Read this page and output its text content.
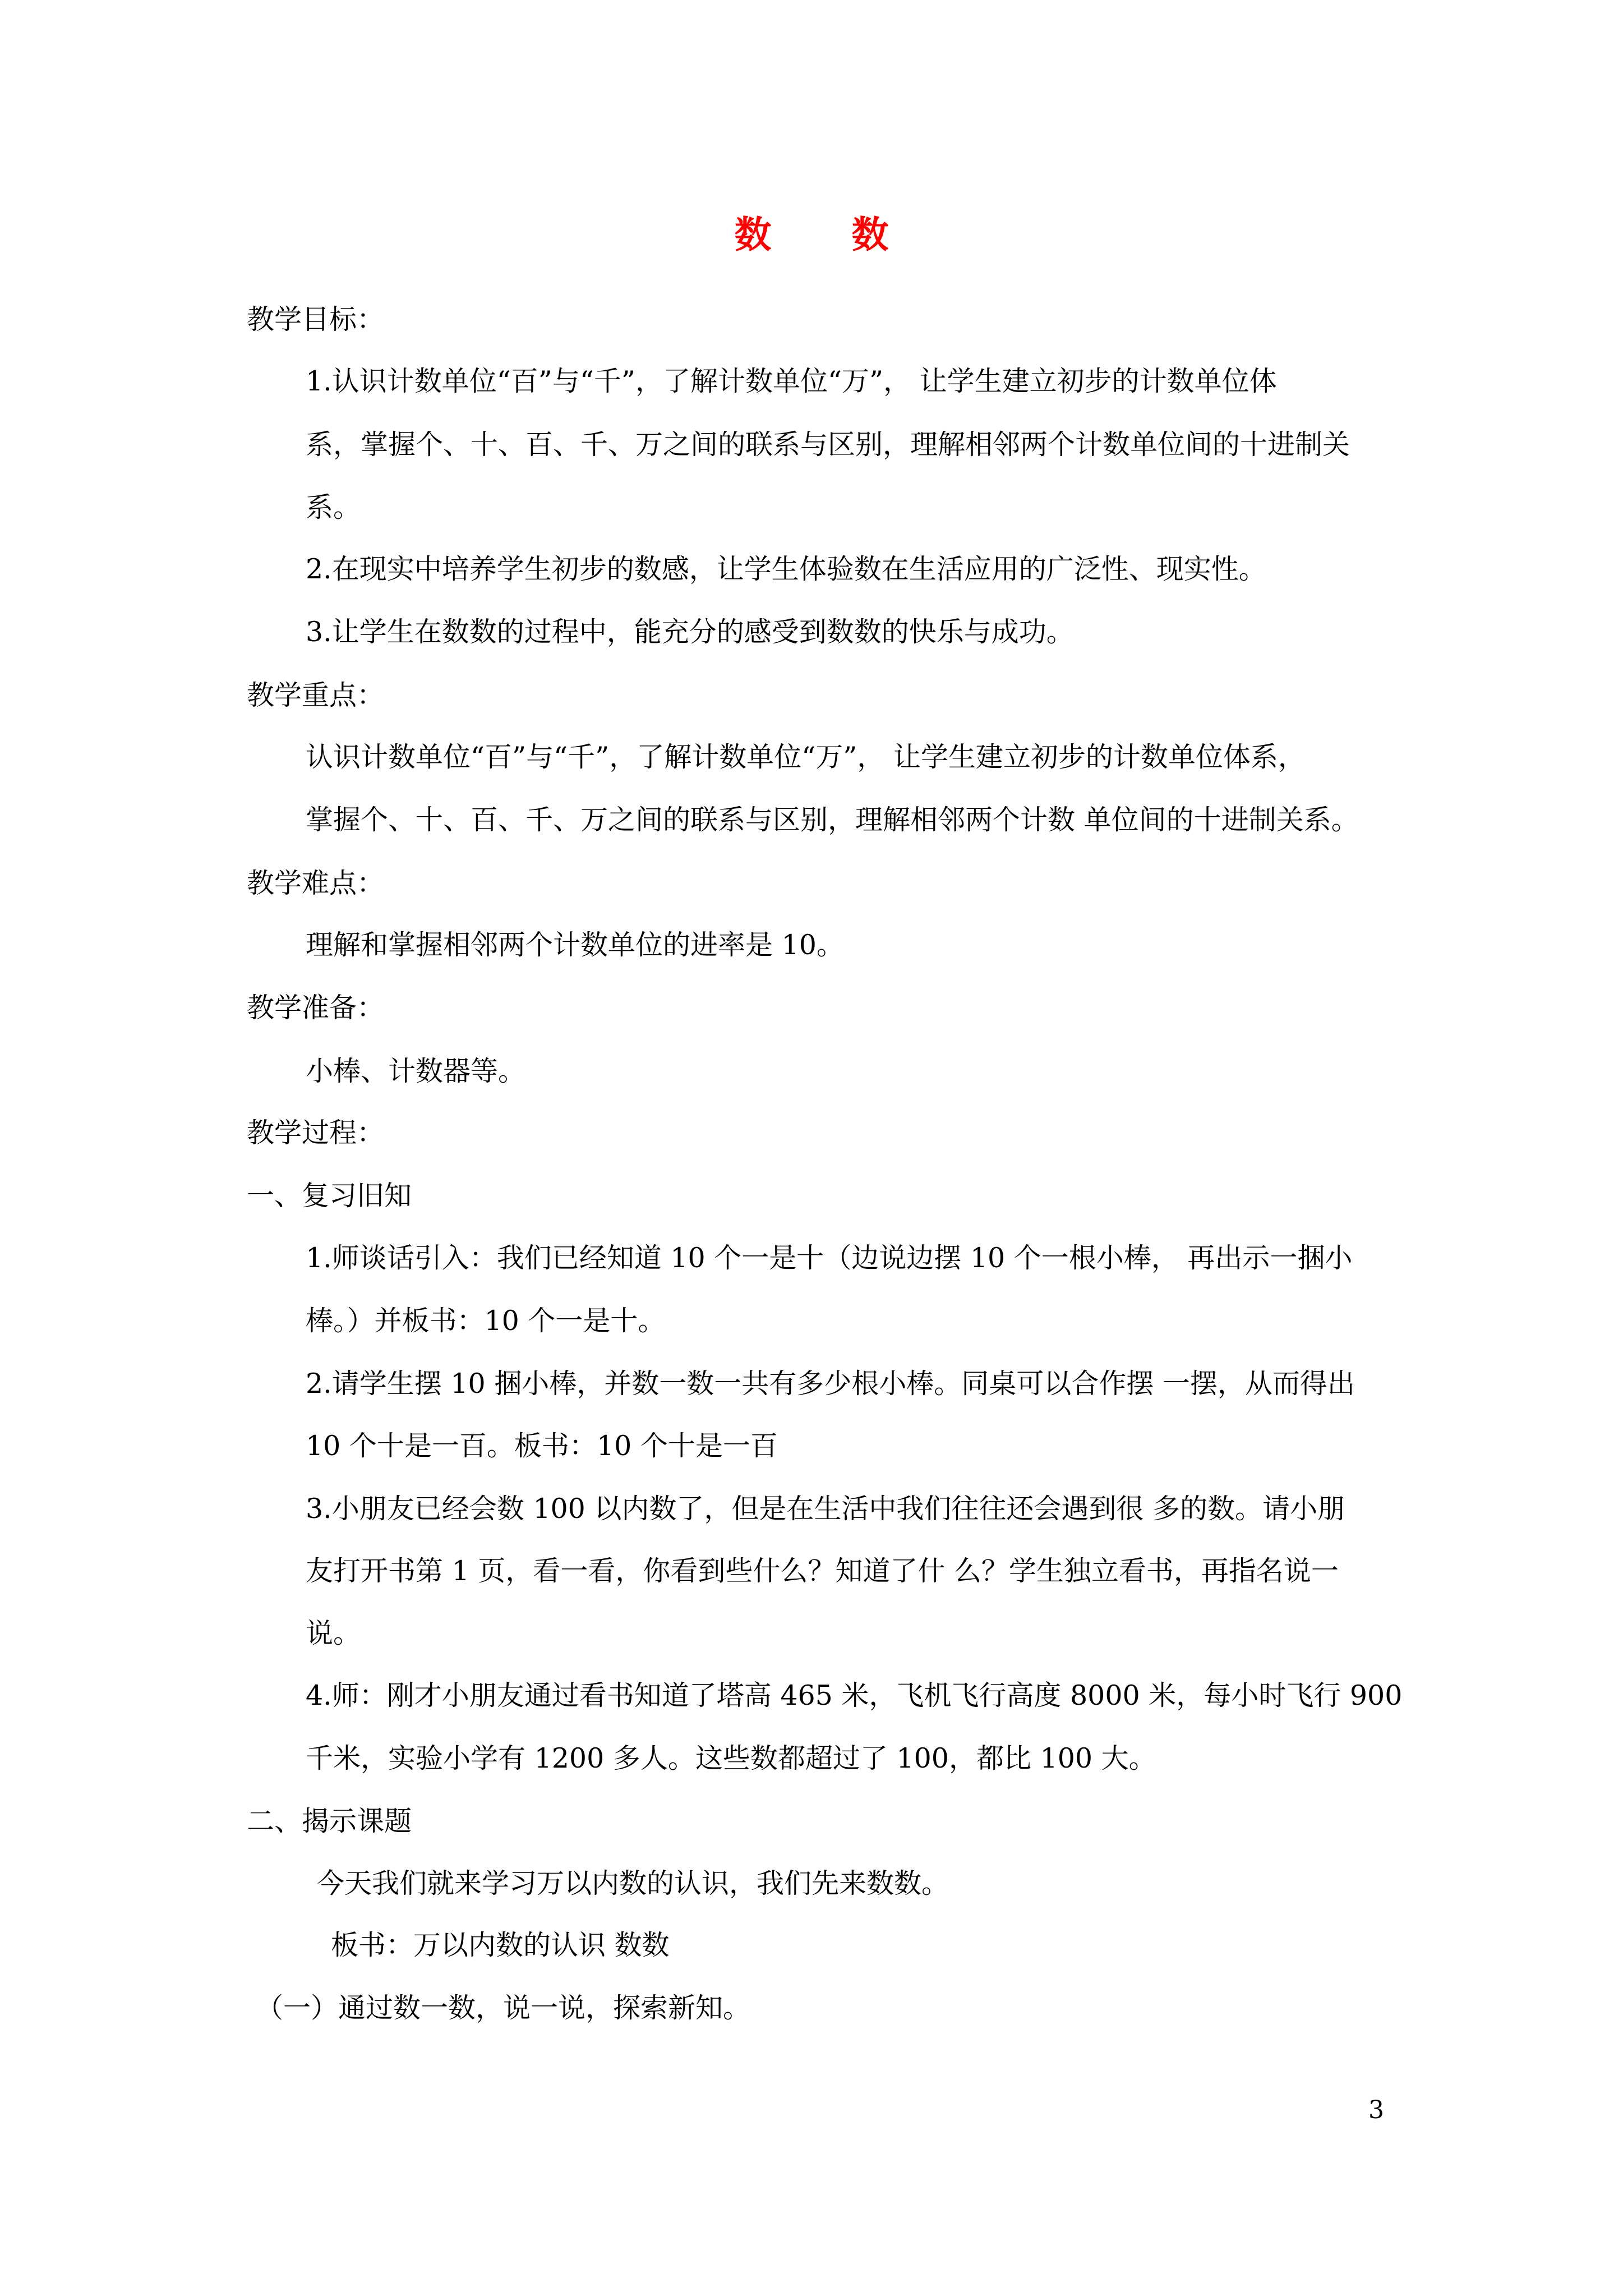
数 数
教学目标：
1.认识计数单位“百”与“千”，了解计数单位“万”， 让学生建立初步的计数单位体
系，掌握个、十、百、千、万之间的联系与区别，理解相邻两个计数单位间的十进制关
系。
2.在现实中培养学生初步的数感，让学生体验数在生活应用的广泛性、现实性。
3.让学生在数数的过程中，能充分的感受到数数的快乐与成功。
教学重点：
认识计数单位“百”与“千”，了解计数单位“万”， 让学生建立初步的计数单位体系，
掌握个、十、百、千、万之间的联系与区别，理解相邻两个计数 单位间的十进制关系。
教学难点：
理解和掌握相邻两个计数单位的进率是 10。
教学准备：
小棒、计数器等。
教学过程：
一、复习旧知
1.师谈话引入：我们已经知道 10 个一是十（边说边摆 10 个一根小棒， 再出示一捆小
棒。）并板书：10 个一是十。
2.请学生摆 10 捆小棒，并数一数一共有多少根小棒。同桌可以合作摆 一摆，从而得出
10 个十是一百。板书：10 个十是一百
3.小朋友已经会数 100 以内数了，但是在生活中我们往往还会遇到很 多的数。请小朋
友打开书第 1 页，看一看，你看到些什么？知道了什 么？学生独立看书，再指名说一
说。
4.师：刚才小朋友通过看书知道了塔高 465 米，飞机飞行高度 8000 米，每小时飞行 900
千米，实验小学有 1200 多人。这些数都超过了 100，都比 100 大。
二、揭示课题
今天我们就来学习万以内数的认识，我们先来数数。
板书：万以内数的认识 数数
（一）通过数一数，说一说，探索新知。
3
